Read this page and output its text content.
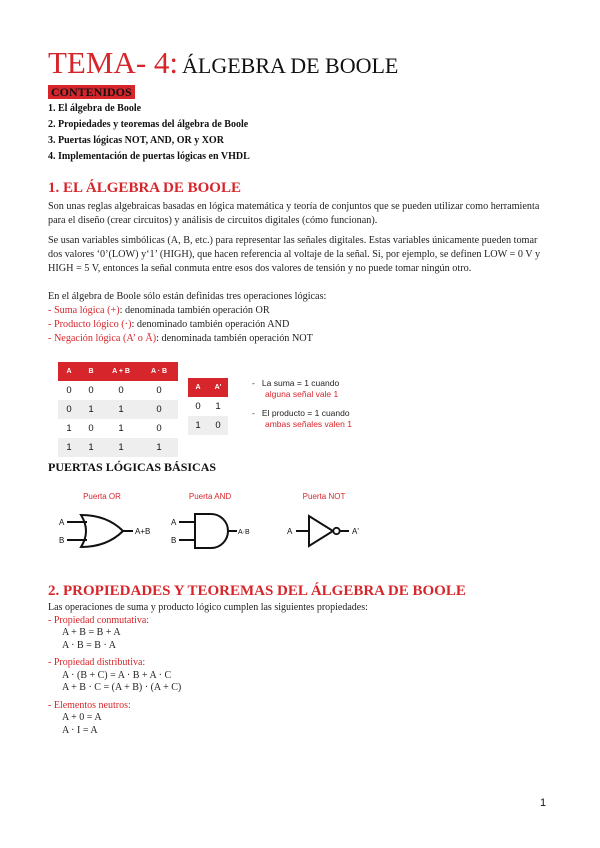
TEMA- 4: ÁLGEBRA DE BOOLE
CONTENIDOS
1. El álgebra de Boole
2. Propiedades y teoremas del álgebra de Boole
3. Puertas lógicas NOT, AND, OR y XOR
4. Implementación de puertas lógicas en VHDL
1. EL ÁLGEBRA DE BOOLE

Son unas reglas algebraicas basadas en lógica matemática y teoría de conjuntos que se pueden utilizar como herramienta para el diseño (crear circuitos) y análisis de circuitos digitales (cómo funcionan).

Se usan variables simbólicas (A, B, etc.) para representar las señales digitales. Estas variables únicamente pueden tomar dos valores ‘0’(LOW) y‘1’ (HIGH), que hacen referencia al voltaje de la señal. Si, por ejemplo, se definen LOW = 0 V y HIGH = 5 V, entonces la señal conmuta entre esos dos valores de tensión y no puede tomar ningún otro.

En el álgebra de Boole sólo están definidas tres operaciones lógicas:
- Suma lógica (+): denominada también operación OR
- Producto lógico (·): denominado también operación AND
- Negación lógica (A’ o Ā): denominada también operación NOT
A	B	A + B	A · B
0	0	0	0
0	1	1	0
1	0	1	0
1	1	1	1
A	A'
0	1
1	0
-   La suma = 1 cuando
alguna señal vale 1
-   El producto = 1 cuando
ambas señales valen 1
PUERTAS LÓGICAS BÁSICAS
Puerta OR	Puerta AND	Puerta NOT
A
B
A+B
A
B
A·B	A	A'
2. PROPIEDADES Y TEOREMAS DEL ÁLGEBRA DE BOOLE
Las operaciones de suma y producto lógico cumplen las siguientes propiedades:
- Propiedad conmutativa:
A + B = B + A
A · B = B · A
- Propiedad distributiva:
A · (B + C) = A · B + A · C
A + B · C = (A + B) · (A + C)
- Elementos neutros:
A + 0 = A
A · I = A
1
